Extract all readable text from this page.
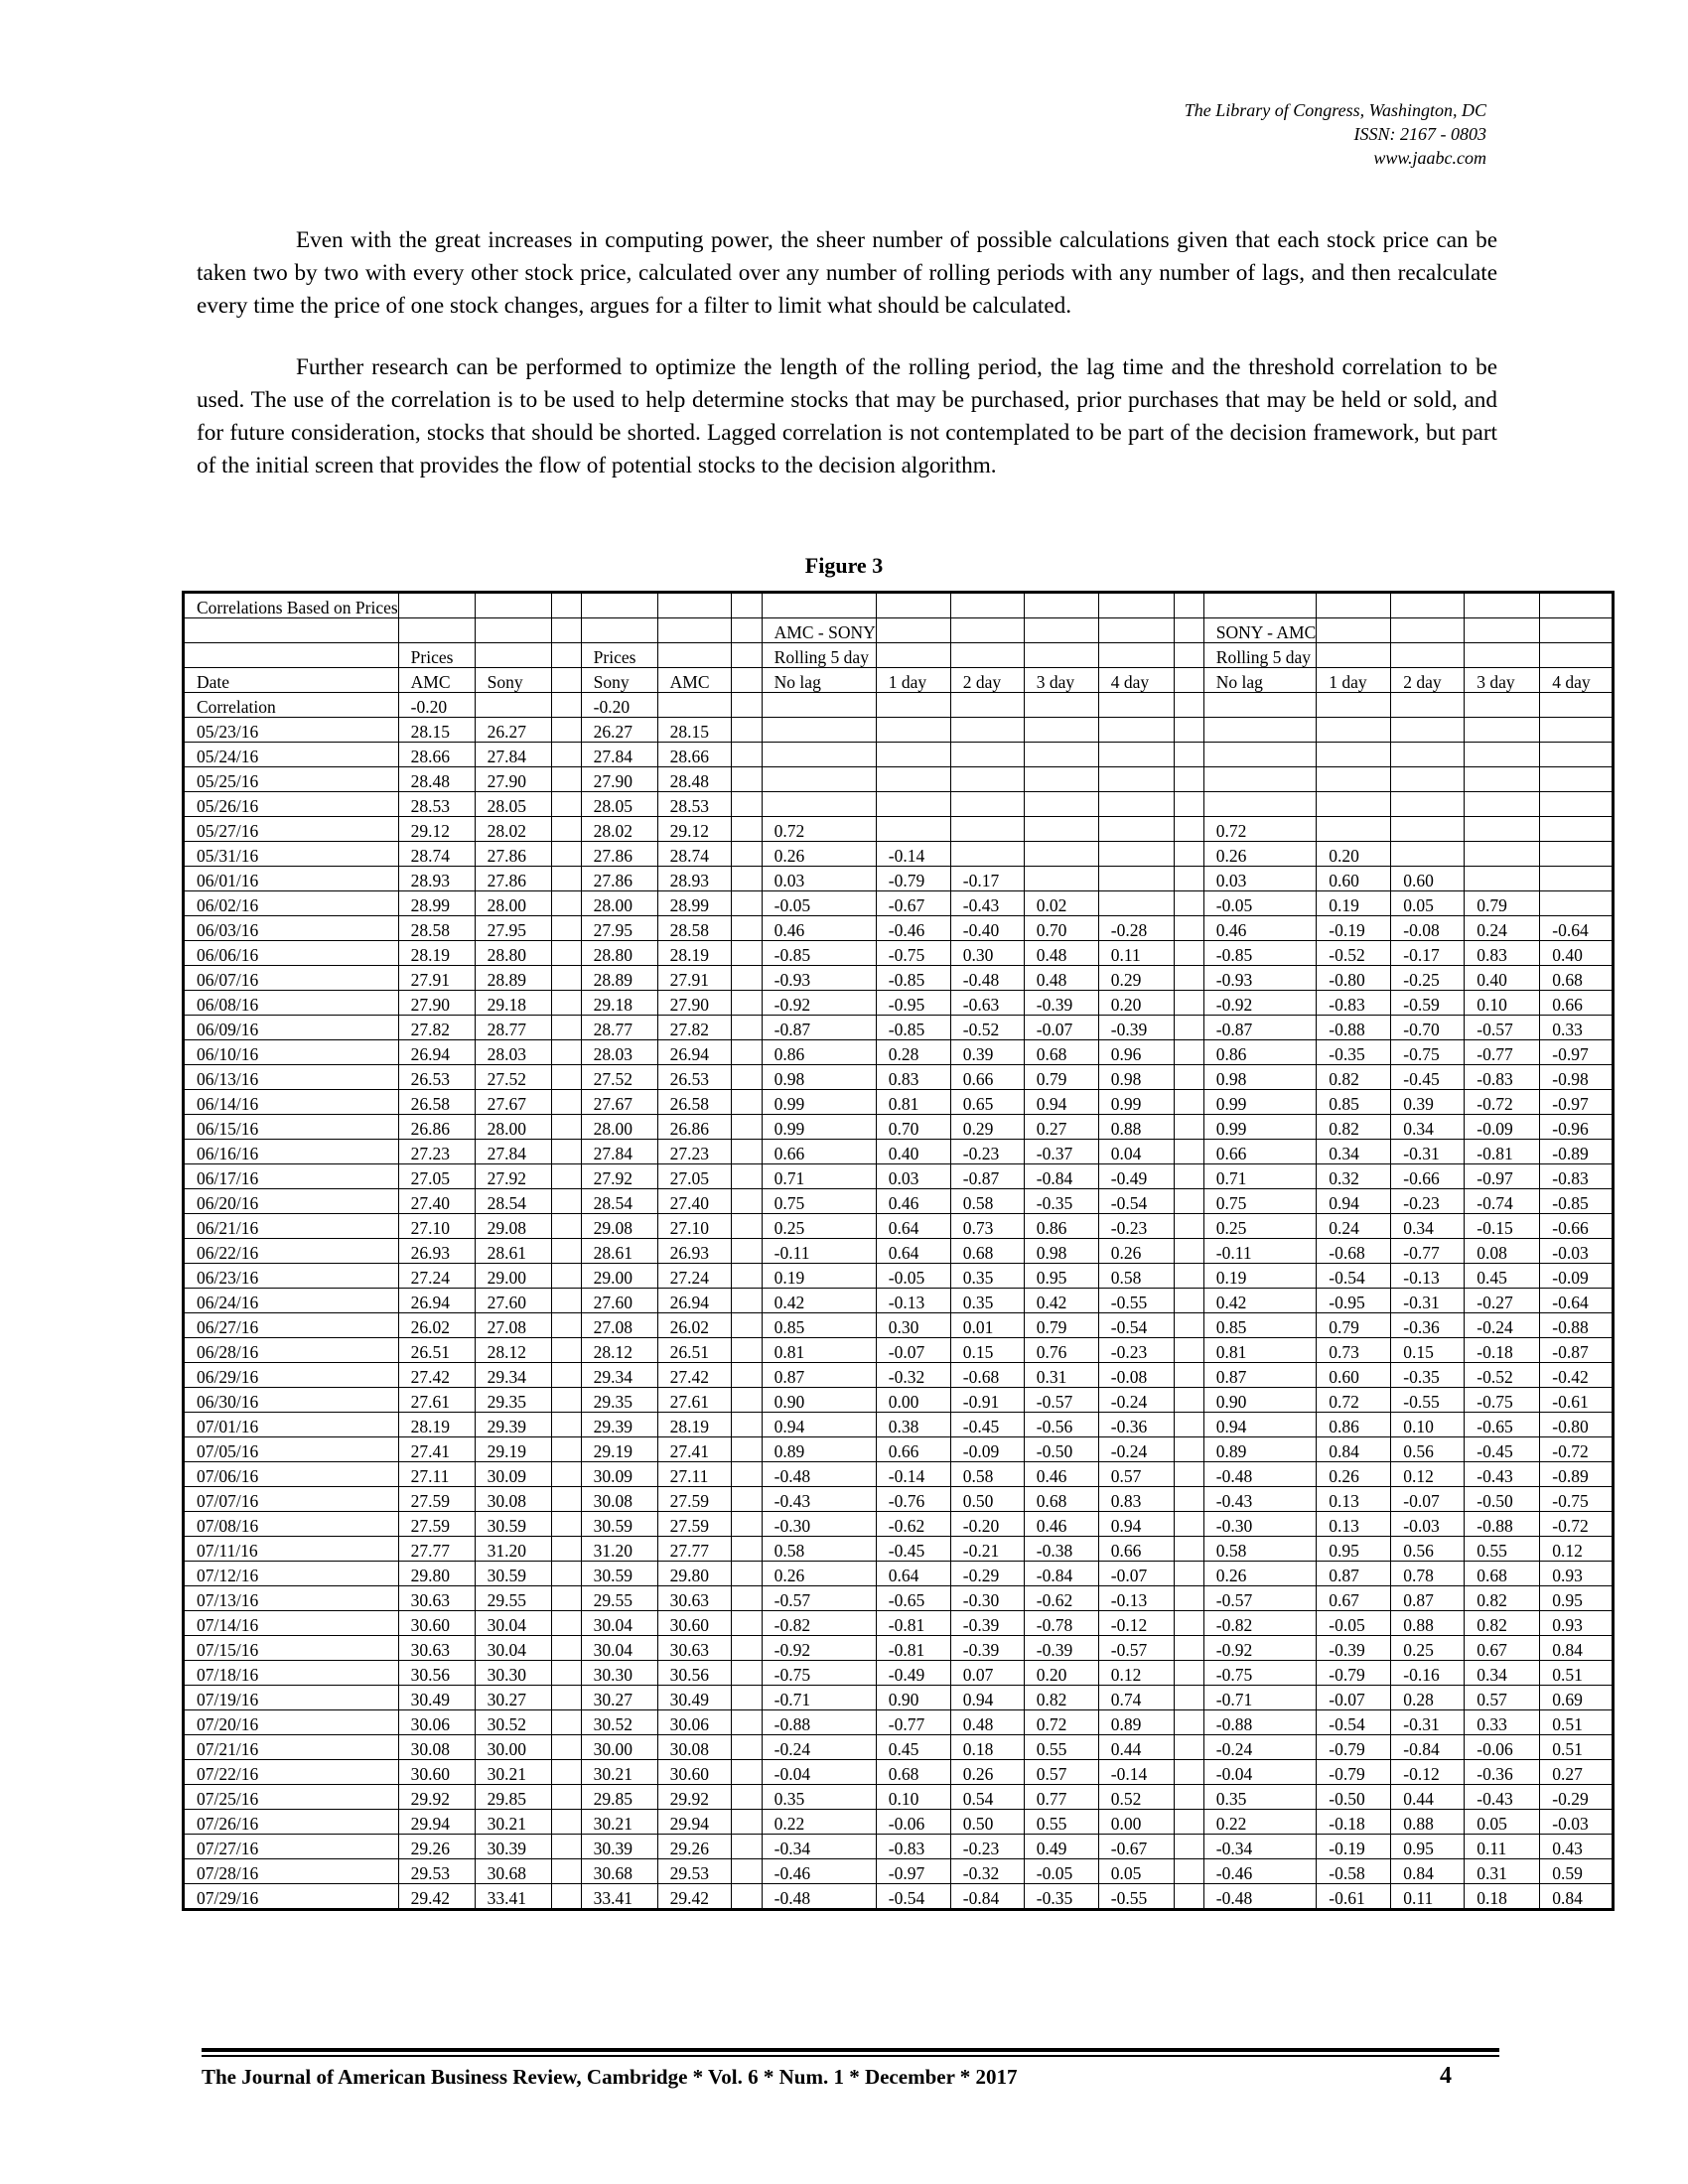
The Library of Congress, Washington, DC
ISSN: 2167 - 0803
www.jaabc.com

Even with the great increases in computing power, the sheer number of possible calculations given that each stock price can be taken two by two with every other stock price, calculated over any number of rolling periods with any number of lags, and then recalculate every time the price of one stock changes, argues for a filter to limit what should be calculated.

Further research can be performed to optimize the length of the rolling period, the lag time and the threshold correlation to be used. The use of the correlation is to be used to help determine stocks that may be purchased, prior purchases that may be held or sold, and for future consideration, stocks that should be shorted. Lagged correlation is not contemplated to be part of the decision framework, but part of the initial screen that provides the flow of potential stocks to the decision algorithm.

Figure 3
Correlations Based on Prices																	
							AMC - SONY						SONY - AMC				
	Prices			Prices			Rolling 5 day						Rolling 5 day				
Date	AMC	Sony		Sony	AMC		No lag	1 day	2 day	3 day	4 day		No lag	1 day	2 day	3 day	4 day
Correlation	-0.20			-0.20													
05/23/16	28.15	26.27		26.27	28.15												
05/24/16	28.66	27.84		27.84	28.66												
05/25/16	28.48	27.90		27.90	28.48												
05/26/16	28.53	28.05		28.05	28.53												
05/27/16	29.12	28.02		28.02	29.12		0.72						0.72				
05/31/16	28.74	27.86		27.86	28.74		0.26	-0.14					0.26	0.20			
06/01/16	28.93	27.86		27.86	28.93		0.03	-0.79	-0.17				0.03	0.60	0.60		
06/02/16	28.99	28.00		28.00	28.99		-0.05	-0.67	-0.43	0.02			-0.05	0.19	0.05	0.79	
06/03/16	28.58	27.95		27.95	28.58		0.46	-0.46	-0.40	0.70	-0.28		0.46	-0.19	-0.08	0.24	-0.64
06/06/16	28.19	28.80		28.80	28.19		-0.85	-0.75	0.30	0.48	0.11		-0.85	-0.52	-0.17	0.83	0.40
06/07/16	27.91	28.89		28.89	27.91		-0.93	-0.85	-0.48	0.48	0.29		-0.93	-0.80	-0.25	0.40	0.68
06/08/16	27.90	29.18		29.18	27.90		-0.92	-0.95	-0.63	-0.39	0.20		-0.92	-0.83	-0.59	0.10	0.66
06/09/16	27.82	28.77		28.77	27.82		-0.87	-0.85	-0.52	-0.07	-0.39		-0.87	-0.88	-0.70	-0.57	0.33
06/10/16	26.94	28.03		28.03	26.94		0.86	0.28	0.39	0.68	0.96		0.86	-0.35	-0.75	-0.77	-0.97
06/13/16	26.53	27.52		27.52	26.53		0.98	0.83	0.66	0.79	0.98		0.98	0.82	-0.45	-0.83	-0.98
06/14/16	26.58	27.67		27.67	26.58		0.99	0.81	0.65	0.94	0.99		0.99	0.85	0.39	-0.72	-0.97
06/15/16	26.86	28.00		28.00	26.86		0.99	0.70	0.29	0.27	0.88		0.99	0.82	0.34	-0.09	-0.96
06/16/16	27.23	27.84		27.84	27.23		0.66	0.40	-0.23	-0.37	0.04		0.66	0.34	-0.31	-0.81	-0.89
06/17/16	27.05	27.92		27.92	27.05		0.71	0.03	-0.87	-0.84	-0.49		0.71	0.32	-0.66	-0.97	-0.83
06/20/16	27.40	28.54		28.54	27.40		0.75	0.46	0.58	-0.35	-0.54		0.75	0.94	-0.23	-0.74	-0.85
06/21/16	27.10	29.08		29.08	27.10		0.25	0.64	0.73	0.86	-0.23		0.25	0.24	0.34	-0.15	-0.66
06/22/16	26.93	28.61		28.61	26.93		-0.11	0.64	0.68	0.98	0.26		-0.11	-0.68	-0.77	0.08	-0.03
06/23/16	27.24	29.00		29.00	27.24		0.19	-0.05	0.35	0.95	0.58		0.19	-0.54	-0.13	0.45	-0.09
06/24/16	26.94	27.60		27.60	26.94		0.42	-0.13	0.35	0.42	-0.55		0.42	-0.95	-0.31	-0.27	-0.64
06/27/16	26.02	27.08		27.08	26.02		0.85	0.30	0.01	0.79	-0.54		0.85	0.79	-0.36	-0.24	-0.88
06/28/16	26.51	28.12		28.12	26.51		0.81	-0.07	0.15	0.76	-0.23		0.81	0.73	0.15	-0.18	-0.87
06/29/16	27.42	29.34		29.34	27.42		0.87	-0.32	-0.68	0.31	-0.08		0.87	0.60	-0.35	-0.52	-0.42
06/30/16	27.61	29.35		29.35	27.61		0.90	0.00	-0.91	-0.57	-0.24		0.90	0.72	-0.55	-0.75	-0.61
07/01/16	28.19	29.39		29.39	28.19		0.94	0.38	-0.45	-0.56	-0.36		0.94	0.86	0.10	-0.65	-0.80
07/05/16	27.41	29.19		29.19	27.41		0.89	0.66	-0.09	-0.50	-0.24		0.89	0.84	0.56	-0.45	-0.72
07/06/16	27.11	30.09		30.09	27.11		-0.48	-0.14	0.58	0.46	0.57		-0.48	0.26	0.12	-0.43	-0.89
07/07/16	27.59	30.08		30.08	27.59		-0.43	-0.76	0.50	0.68	0.83		-0.43	0.13	-0.07	-0.50	-0.75
07/08/16	27.59	30.59		30.59	27.59		-0.30	-0.62	-0.20	0.46	0.94		-0.30	0.13	-0.03	-0.88	-0.72
07/11/16	27.77	31.20		31.20	27.77		0.58	-0.45	-0.21	-0.38	0.66		0.58	0.95	0.56	0.55	0.12
07/12/16	29.80	30.59		30.59	29.80		0.26	0.64	-0.29	-0.84	-0.07		0.26	0.87	0.78	0.68	0.93
07/13/16	30.63	29.55		29.55	30.63		-0.57	-0.65	-0.30	-0.62	-0.13		-0.57	0.67	0.87	0.82	0.95
07/14/16	30.60	30.04		30.04	30.60		-0.82	-0.81	-0.39	-0.78	-0.12		-0.82	-0.05	0.88	0.82	0.93
07/15/16	30.63	30.04		30.04	30.63		-0.92	-0.81	-0.39	-0.39	-0.57		-0.92	-0.39	0.25	0.67	0.84
07/18/16	30.56	30.30		30.30	30.56		-0.75	-0.49	0.07	0.20	0.12		-0.75	-0.79	-0.16	0.34	0.51
07/19/16	30.49	30.27		30.27	30.49		-0.71	0.90	0.94	0.82	0.74		-0.71	-0.07	0.28	0.57	0.69
07/20/16	30.06	30.52		30.52	30.06		-0.88	-0.77	0.48	0.72	0.89		-0.88	-0.54	-0.31	0.33	0.51
07/21/16	30.08	30.00		30.00	30.08		-0.24	0.45	0.18	0.55	0.44		-0.24	-0.79	-0.84	-0.06	0.51
07/22/16	30.60	30.21		30.21	30.60		-0.04	0.68	0.26	0.57	-0.14		-0.04	-0.79	-0.12	-0.36	0.27
07/25/16	29.92	29.85		29.85	29.92		0.35	0.10	0.54	0.77	0.52		0.35	-0.50	0.44	-0.43	-0.29
07/26/16	29.94	30.21		30.21	29.94		0.22	-0.06	0.50	0.55	0.00		0.22	-0.18	0.88	0.05	-0.03
07/27/16	29.26	30.39		30.39	29.26		-0.34	-0.83	-0.23	0.49	-0.67		-0.34	-0.19	0.95	0.11	0.43
07/28/16	29.53	30.68		30.68	29.53		-0.46	-0.97	-0.32	-0.05	0.05		-0.46	-0.58	0.84	0.31	0.59
07/29/16	29.42	33.41		33.41	29.42		-0.48	-0.54	-0.84	-0.35	-0.55		-0.48	-0.61	0.11	0.18	0.84
The Journal of American Business Review, Cambridge * Vol. 6 * Num. 1 * December * 2017	4
